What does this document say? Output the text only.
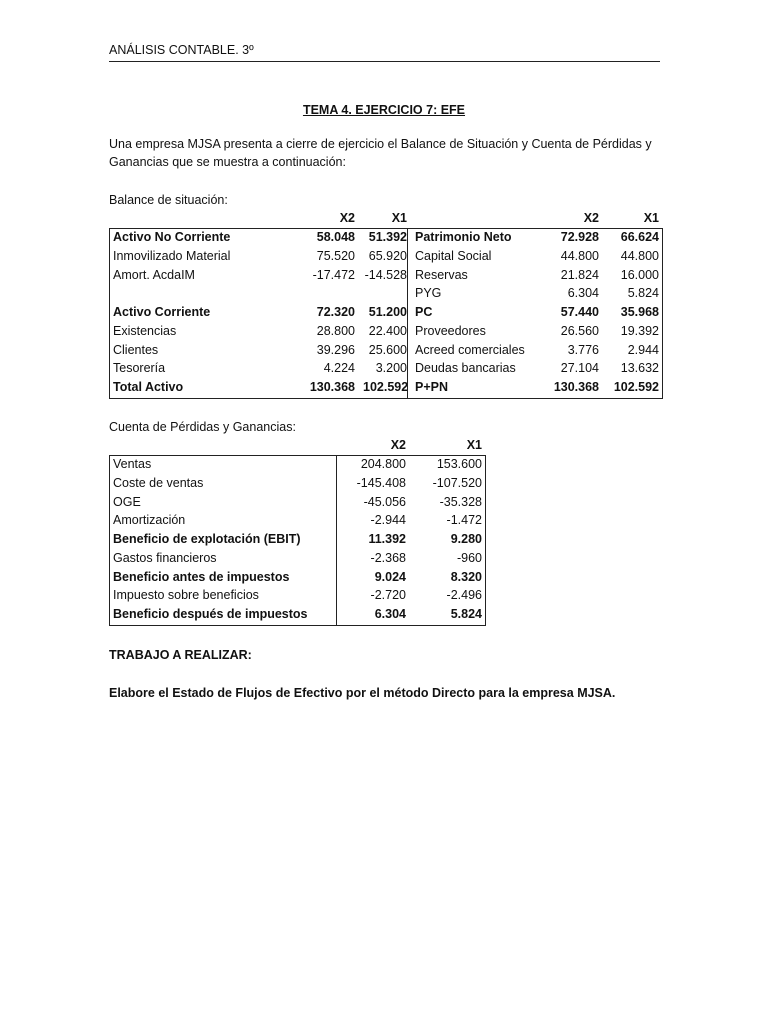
ANÁLISIS CONTABLE. 3º
TEMA 4. EJERCICIO 7: EFE
Una empresa MJSA presenta a cierre de ejercicio el Balance de Situación y Cuenta de Pérdidas y Ganancias que se muestra a continuación:
Balance de situación:
	X2	X1		X2	X1
Activo No Corriente	58.048	51.392	Patrimonio Neto	72.928	66.624
Inmovilizado Material	75.520	65.920	Capital Social	44.800	44.800
Amort. AcdaIM	-17.472	-14.528	Reservas	21.824	16.000
			PYG	6.304	5.824
Activo Corriente	72.320	51.200	PC	57.440	35.968
Existencias	28.800	22.400	Proveedores	26.560	19.392
Clientes	39.296	25.600	Acreed comerciales	3.776	2.944
Tesorería	4.224	3.200	Deudas bancarias	27.104	13.632
Total Activo	130.368	102.592	P+PN	130.368	102.592
Cuenta de Pérdidas y Ganancias:
	X2	X1
Ventas	204.800	153.600
Coste de ventas	-145.408	-107.520
OGE	-45.056	-35.328
Amortización	-2.944	-1.472
Beneficio de explotación (EBIT)	11.392	9.280
Gastos financieros	-2.368	-960
Beneficio antes de impuestos	9.024	8.320
Impuesto sobre beneficios	-2.720	-2.496
Beneficio después de impuestos	6.304	5.824
TRABAJO A REALIZAR:
Elabore el Estado de Flujos de Efectivo por el método Directo para la empresa MJSA.
